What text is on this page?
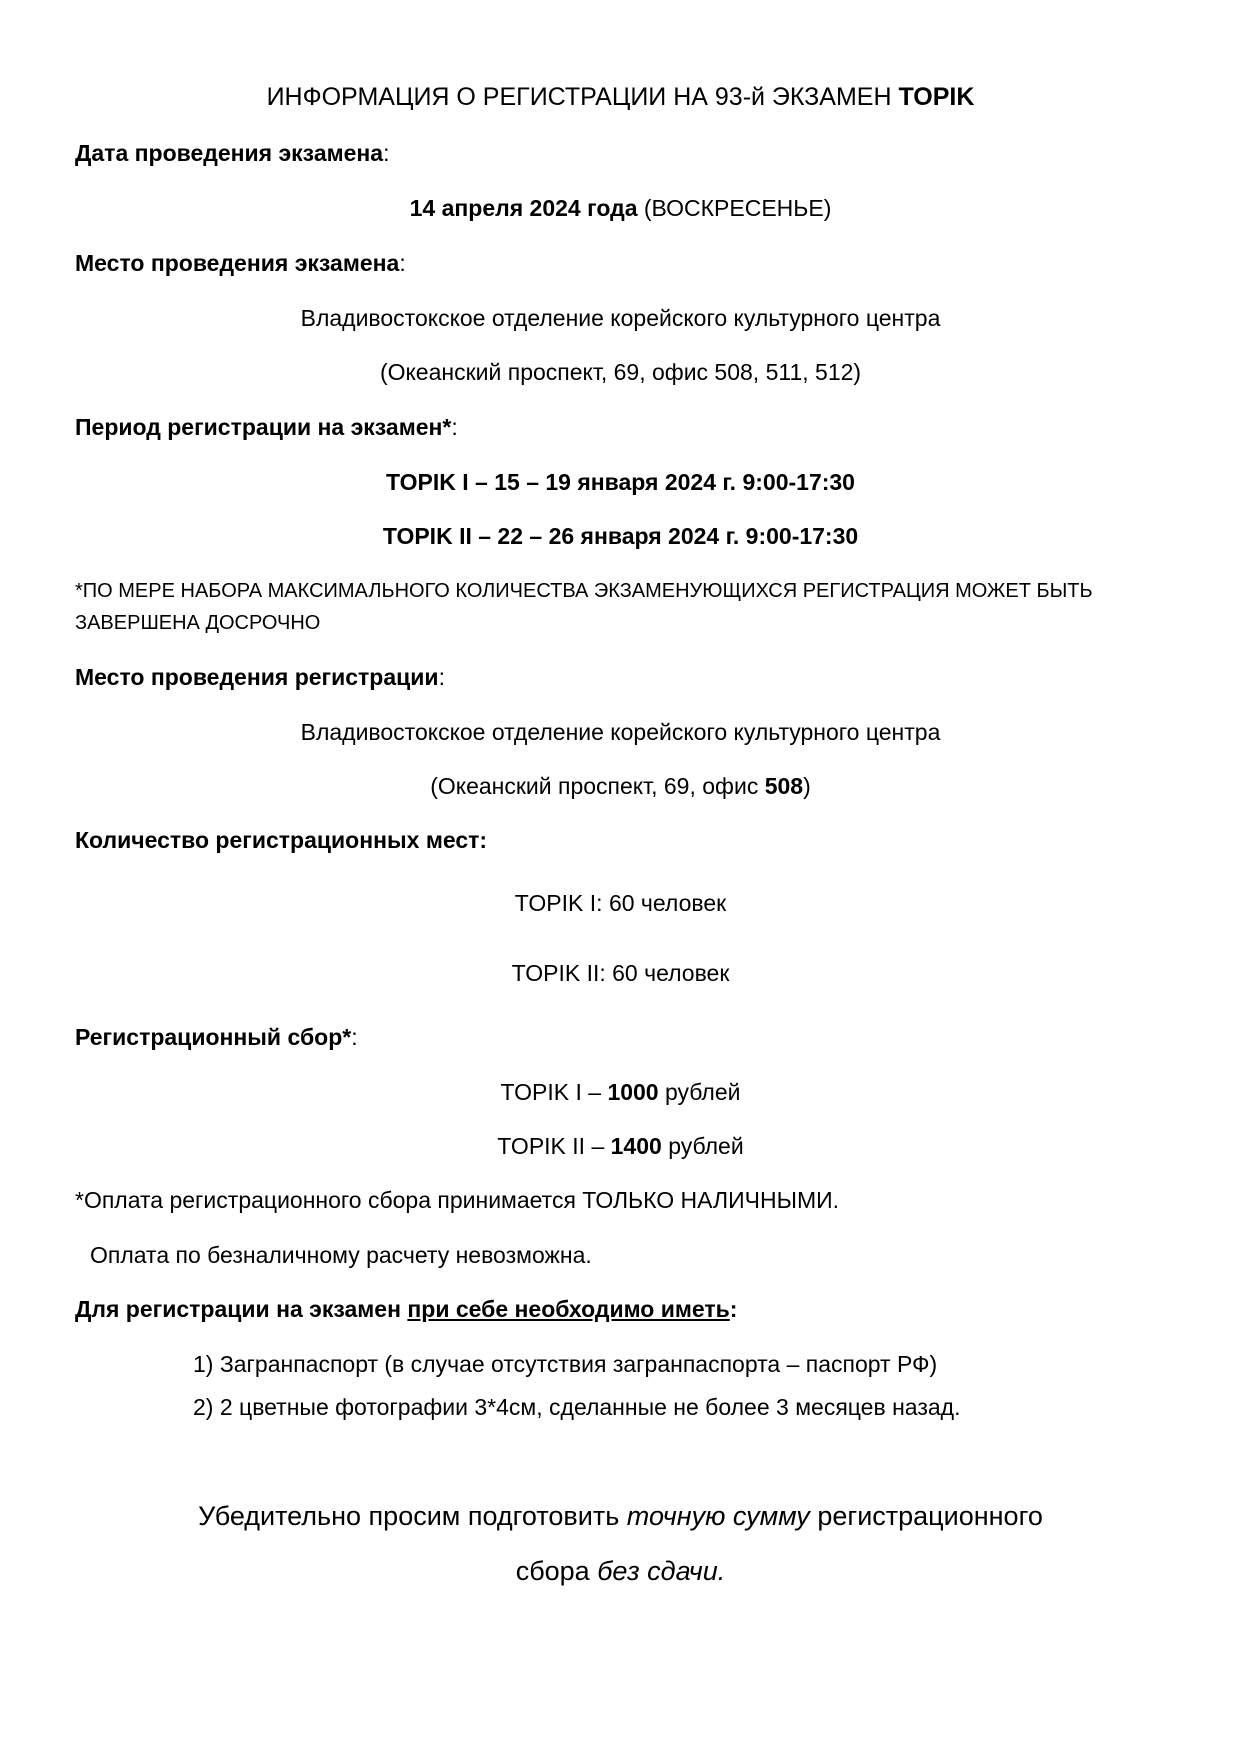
ИНФОРМАЦИЯ О РЕГИСТРАЦИИ НА 93-й ЭКЗАМЕН TOPIK
Дата проведения экзамена:
14 апреля 2024 года (ВОСКРЕСЕНЬЕ)
Место проведения экзамена:
Владивостокское отделение корейского культурного центра
(Океанский проспект, 69, офис 508, 511, 512)
Период регистрации на экзамен*:
TOPIK I – 15 – 19 января 2024 г. 9:00-17:30
TOPIK II – 22 – 26 января 2024 г. 9:00-17:30
*ПО МЕРЕ НАБОРА МАКСИМАЛЬНОГО КОЛИЧЕСТВА ЭКЗАМЕНУЮЩИХСЯ РЕГИСТРАЦИЯ МОЖЕТ БЫТЬ
ЗАВЕРШЕНА ДОСРОЧНО
Место проведения регистрации:
Владивостокское отделение корейского культурного центра
(Океанский проспект, 69, офис 508)
Количество регистрационных мест:
TOPIK I: 60 человек
TOPIK II: 60 человек
Регистрационный сбор*:
TOPIK I – 1000 рублей
TOPIK II – 1400 рублей
*Оплата регистрационного сбора принимается ТОЛЬКО НАЛИЧНЫМИ.
Оплата по безналичному расчету невозможна.
Для регистрации на экзамен при себе необходимо иметь:
1) Загранпаспорт (в случае отсутствия загранпаспорта – паспорт РФ)
2) 2 цветные фотографии 3*4см, сделанные не более 3 месяцев назад.
Убедительно просим подготовить точную сумму регистрационного
сбора без сдачи.
